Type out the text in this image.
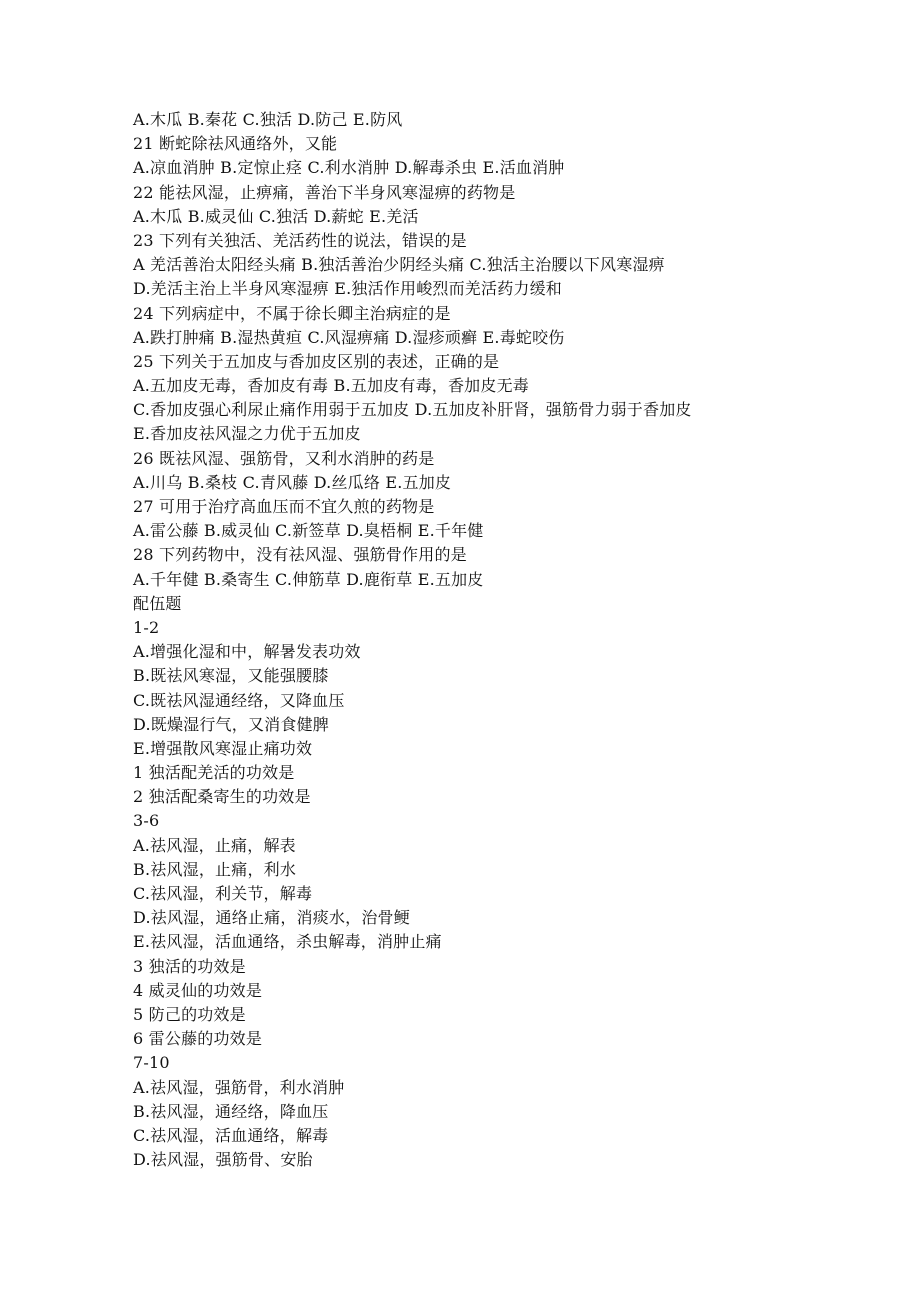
A.木瓜 B.秦花 C.独活 D.防己 E.防风
21 断蛇除祛风通络外，又能
A.凉血消肿 B.定惊止痉 C.利水消肿 D.解毒杀虫 E.活血消肿
22 能祛风湿，止痹痛，善治下半身风寒湿痹的药物是
A.木瓜 B.威灵仙 C.独活 D.薪蛇 E.羌活
23 下列有关独活、羌活药性的说法，错误的是
A 羌活善治太阳经头痛 B.独活善治少阴经头痛 C.独活主治腰以下风寒湿痹
D.羌活主治上半身风寒湿痹 E.独活作用峻烈而羌活药力缓和
24 下列病症中，不属于徐长卿主治病症的是
A.跌打肿痛 B.湿热黄疸 C.风湿痹痛 D.湿疹顽癣 E.毒蛇咬伤
25 下列关于五加皮与香加皮区别的表述，正确的是
A.五加皮无毒，香加皮有毒 B.五加皮有毒，香加皮无毒
C.香加皮强心利尿止痛作用弱于五加皮 D.五加皮补肝肾，强筋骨力弱于香加皮
E.香加皮祛风湿之力优于五加皮
26 既祛风湿、强筋骨，又利水消肿的药是
A.川乌 B.桑枝 C.青风藤 D.丝瓜络 E.五加皮
27 可用于治疗高血压而不宜久煎的药物是
A.雷公藤 B.威灵仙 C.新签草 D.臭梧桐 E.千年健
28 下列药物中，没有祛风湿、强筋骨作用的是
A.千年健 B.桑寄生 C.伸筋草 D.鹿衔草 E.五加皮
配伍题
1-2
A.增强化湿和中，解暑发表功效
B.既祛风寒湿，又能强腰膝
C.既祛风湿通经络，又降血压
D.既燥湿行气，又消食健脾
E.增强散风寒湿止痛功效
1 独活配羌活的功效是
2 独活配桑寄生的功效是
3-6
A.祛风湿，止痛，解表
B.祛风湿，止痛，利水
C.祛风湿，利关节，解毒
D.祛风湿，通络止痛，消痰水，治骨鲠
E.祛风湿，活血通络，杀虫解毒，消肿止痛
3 独活的功效是
4 威灵仙的功效是
5 防己的功效是
6 雷公藤的功效是
7-10
A.祛风湿，强筋骨，利水消肿
B.祛风湿，通经络，降血压
C.祛风湿，活血通络，解毒
D.祛风湿，强筋骨、安胎
